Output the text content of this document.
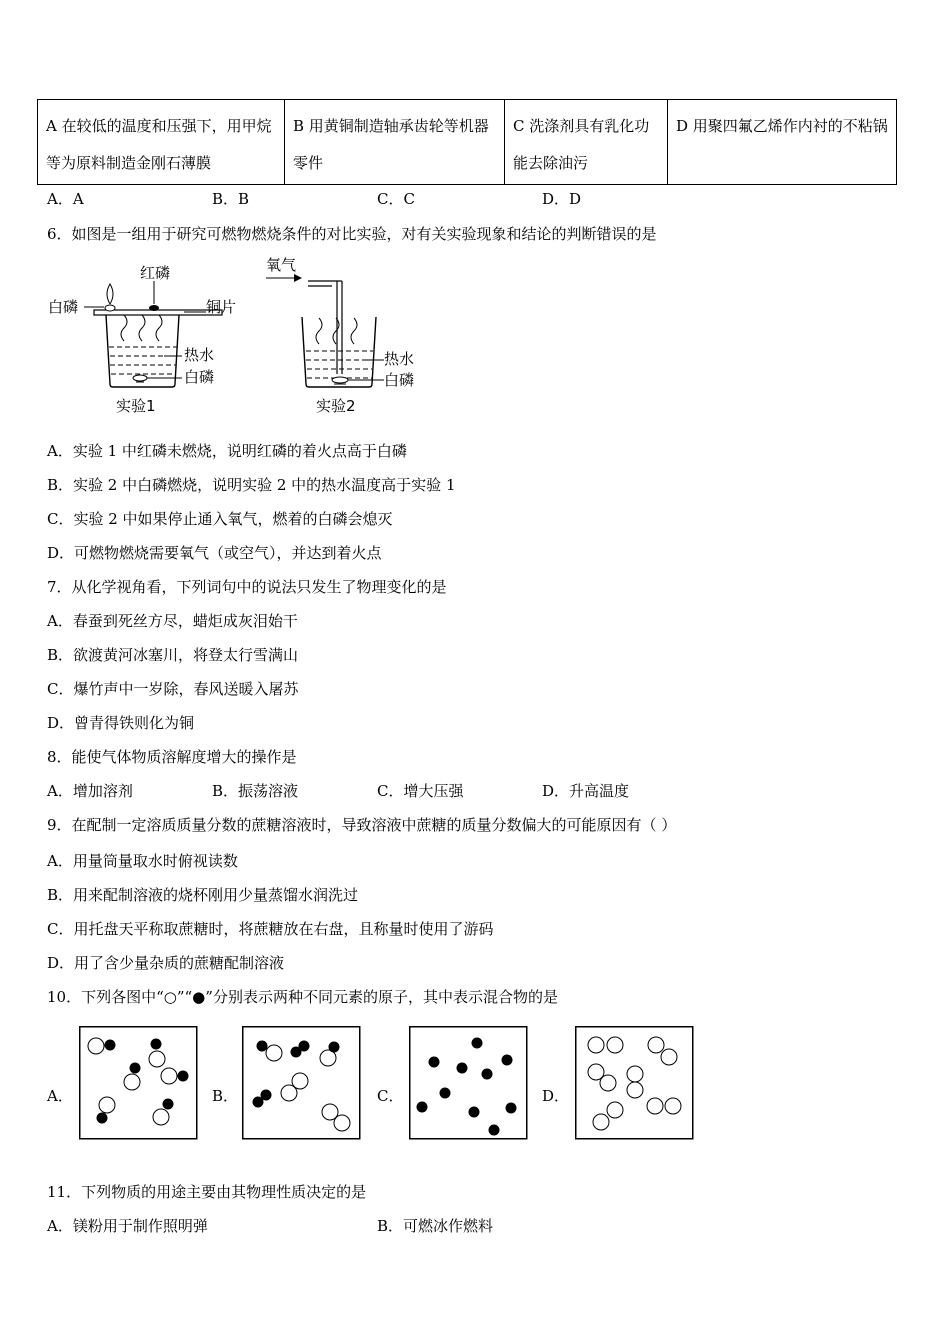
A 在较低的温度和压强下，用甲烷等为原料制造金刚石薄膜	B 用黄铜制造轴承齿轮等机器零件	C 洗涤剂具有乳化功能去除油污	D 用聚四氟乙烯作内衬的不粘锅
A．A	B．B	C．C	D．D
6．如图是一组用于研究可燃物燃烧条件的对比实验，对有关实验现象和结论的判断错误的是
红磷
白磷	铜片
热水
白磷
实验1
氧气
热水
白磷
实验2
A．实验 1 中红磷未燃烧，说明红磷的着火点高于白磷
B．实验 2 中白磷燃烧，说明实验 2 中的热水温度高于实验 1
C．实验 2 中如果停止通入氧气，燃着的白磷会熄灭
D．可燃物燃烧需要氧气（或空气），并达到着火点
7．从化学视角看，下列词句中的说法只发生了物理变化的是
A．春蚕到死丝方尽，蜡炬成灰泪始干
B．欲渡黄河冰塞川，将登太行雪满山
C．爆竹声中一岁除，春风送暖入屠苏
D．曾青得铁则化为铜
8．能使气体物质溶解度增大的操作是
A．增加溶剂	B．振荡溶液	C．增大压强	D．升高温度
9．在配制一定溶质质量分数的蔗糖溶液时，导致溶液中蔗糖的质量分数偏大的可能原因有（ ）
A．用量筒量取水时俯视读数
B．用来配制溶液的烧杯刚用少量蒸馏水润洗过
C．用托盘天平称取蔗糖时，将蔗糖放在右盘，且称量时使用了游码
D．用了含少量杂质的蔗糖配制溶液
10．下列各图中“○”“●”分别表示两种不同元素的原子，其中表示混合物的是
A．	B．	C．	D．
11．下列物质的用途主要由其物理性质决定的是
A．镁粉用于制作照明弹	B．可燃冰作燃料
